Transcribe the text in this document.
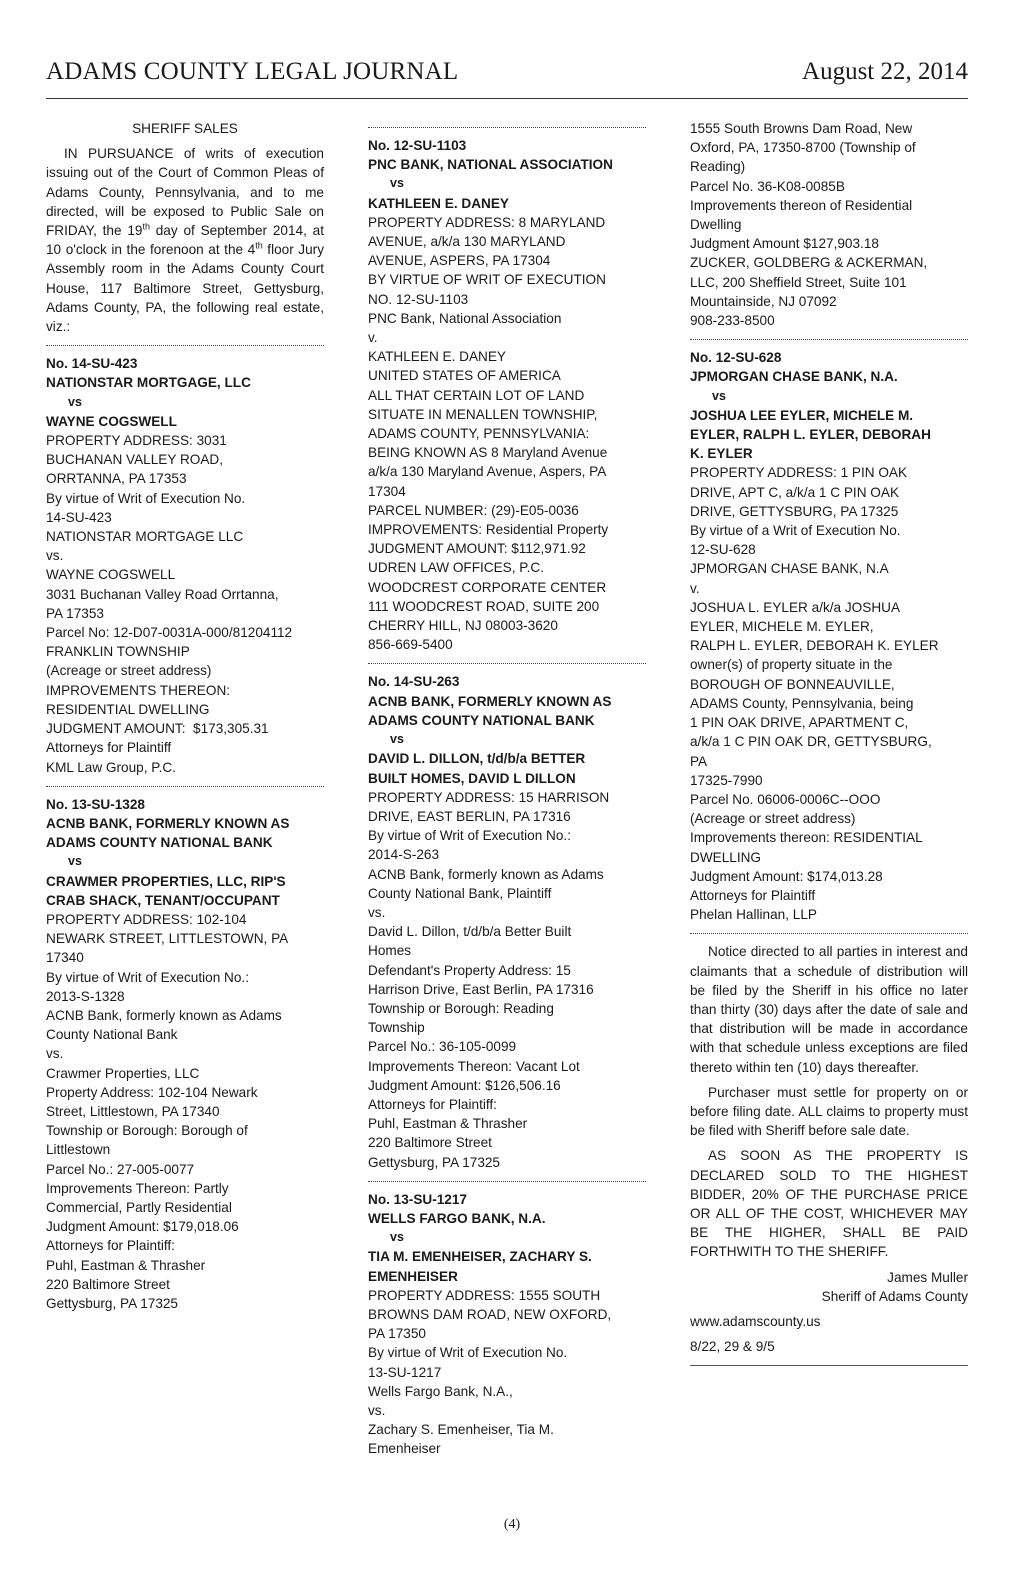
ADAMS COUNTY LEGAL JOURNAL	August 22, 2014
SHERIFF SALES

IN PURSUANCE of writs of execution issuing out of the Court of Common Pleas of Adams County, Pennsylvania, and to me directed, will be exposed to Public Sale on FRIDAY, the 19th day of September 2014, at 10 o'clock in the forenoon at the 4th floor Jury Assembly room in the Adams County Court House, 117 Baltimore Street, Gettysburg, Adams County, PA, the following real estate, viz.:

No. 14-SU-423
NATIONSTAR MORTGAGE, LLC
vs
WAYNE COGSWELL
PROPERTY ADDRESS: 3031
BUCHANAN VALLEY ROAD,
ORRTANNA, PA 17353
By virtue of Writ of Execution No.
14-SU-423
NATIONSTAR MORTGAGE LLC
vs.
WAYNE COGSWELL
3031 Buchanan Valley Road Orrtanna,
PA 17353
Parcel No: 12-D07-0031A-000/81204112
FRANKLIN TOWNSHIP
(Acreage or street address)
IMPROVEMENTS THEREON:
RESIDENTIAL DWELLING
JUDGMENT AMOUNT:  $173,305.31
Attorneys for Plaintiff
KML Law Group, P.C.
No. 13-SU-1328
ACNB BANK, FORMERLY KNOWN AS
ADAMS COUNTY NATIONAL BANK
vs
CRAWMER PROPERTIES, LLC, RIP'S
CRAB SHACK, TENANT/OCCUPANT
PROPERTY ADDRESS: 102-104
NEWARK STREET, LITTLESTOWN, PA
17340
By virtue of Writ of Execution No.:
2013-S-1328
ACNB Bank, formerly known as Adams
County National Bank
vs.
Crawmer Properties, LLC
Property Address: 102-104 Newark
Street, Littlestown, PA 17340
Township or Borough: Borough of
Littlestown
Parcel No.: 27-005-0077
Improvements Thereon: Partly
Commercial, Partly Residential
Judgment Amount: $179,018.06
Attorneys for Plaintiff:
Puhl, Eastman & Thrasher
220 Baltimore Street
Gettysburg, PA 17325
No. 12-SU-1103
PNC BANK, NATIONAL ASSOCIATION
vs
KATHLEEN E. DANEY
PROPERTY ADDRESS: 8 MARYLAND
AVENUE, a/k/a 130 MARYLAND
AVENUE, ASPERS, PA 17304
BY VIRTUE OF WRIT OF EXECUTION
NO. 12-SU-1103
PNC Bank, National Association
v.
KATHLEEN E. DANEY
UNITED STATES OF AMERICA
ALL THAT CERTAIN LOT OF LAND
SITUATE IN MENALLEN TOWNSHIP,
ADAMS COUNTY, PENNSYLVANIA:
BEING KNOWN AS 8 Maryland Avenue
a/k/a 130 Maryland Avenue, Aspers, PA
17304
PARCEL NUMBER: (29)-E05-0036
IMPROVEMENTS: Residential Property
JUDGMENT AMOUNT: $112,971.92
UDREN LAW OFFICES, P.C.
WOODCREST CORPORATE CENTER
111 WOODCREST ROAD, SUITE 200
CHERRY HILL, NJ 08003-3620
856-669-5400
No. 14-SU-263
ACNB BANK, FORMERLY KNOWN AS
ADAMS COUNTY NATIONAL BANK
vs
DAVID L. DILLON, t/d/b/a BETTER
BUILT HOMES, DAVID L DILLON
PROPERTY ADDRESS: 15 HARRISON
DRIVE, EAST BERLIN, PA 17316
By virtue of Writ of Execution No.:
2014-S-263
ACNB Bank, formerly known as Adams
County National Bank, Plaintiff
vs.
David L. Dillon, t/d/b/a Better Built
Homes
Defendant's Property Address: 15
Harrison Drive, East Berlin, PA 17316
Township or Borough: Reading
Township
Parcel No.: 36-105-0099
Improvements Thereon: Vacant Lot
Judgment Amount: $126,506.16
Attorneys for Plaintiff:
Puhl, Eastman & Thrasher
220 Baltimore Street
Gettysburg, PA 17325
No. 13-SU-1217
WELLS FARGO BANK, N.A.
vs
TIA M. EMENHEISER, ZACHARY S.
EMENHEISER
PROPERTY ADDRESS: 1555 SOUTH
BROWNS DAM ROAD, NEW OXFORD,
PA 17350
By virtue of Writ of Execution No.
13-SU-1217
Wells Fargo Bank, N.A.,
vs.
Zachary S. Emenheiser, Tia M.
Emenheiser
1555 South Browns Dam Road, New
Oxford, PA, 17350-8700 (Township of
Reading)
Parcel No. 36-K08-0085B
Improvements thereon of Residential
Dwelling
Judgment Amount $127,903.18
ZUCKER, GOLDBERG & ACKERMAN,
LLC, 200 Sheffield Street, Suite 101
Mountainside, NJ 07092
908-233-8500
No. 12-SU-628
JPMORGAN CHASE BANK, N.A.
vs
JOSHUA LEE EYLER, MICHELE M.
EYLER, RALPH L. EYLER, DEBORAH
K. EYLER
PROPERTY ADDRESS: 1 PIN OAK
DRIVE, APT C, a/k/a 1 C PIN OAK
DRIVE, GETTYSBURG, PA 17325
By virtue of a Writ of Execution No.
12-SU-628
JPMORGAN CHASE BANK, N.A
v.
JOSHUA L. EYLER a/k/a JOSHUA
EYLER, MICHELE M. EYLER,
RALPH L. EYLER, DEBORAH K. EYLER
owner(s) of property situate in the
BOROUGH OF BONNEAUVILLE,
ADAMS County, Pennsylvania, being
1 PIN OAK DRIVE, APARTMENT C,
a/k/a 1 C PIN OAK DR, GETTYSBURG,
PA
17325-7990
Parcel No. 06006-0006C--OOO
(Acreage or street address)
Improvements thereon: RESIDENTIAL
DWELLING
Judgment Amount: $174,013.28
Attorneys for Plaintiff
Phelan Hallinan, LLP

Notice directed to all parties in interest and claimants that a schedule of distribution will be filed by the Sheriff in his office no later than thirty (30) days after the date of sale and that distribution will be made in accordance with that schedule unless exceptions are filed thereto within ten (10) days thereafter.

Purchaser must settle for property on or before filing date. ALL claims to property must be filed with Sheriff before sale date.

AS SOON AS THE PROPERTY IS DECLARED SOLD TO THE HIGHEST BIDDER, 20% OF THE PURCHASE PRICE OR ALL OF THE COST, WHICHEVER MAY BE THE HIGHER, SHALL BE PAID FORTHWITH TO THE SHERIFF.

James Muller
Sheriff of Adams County
www.adamscounty.us
8/22, 29 & 9/5
(4)
